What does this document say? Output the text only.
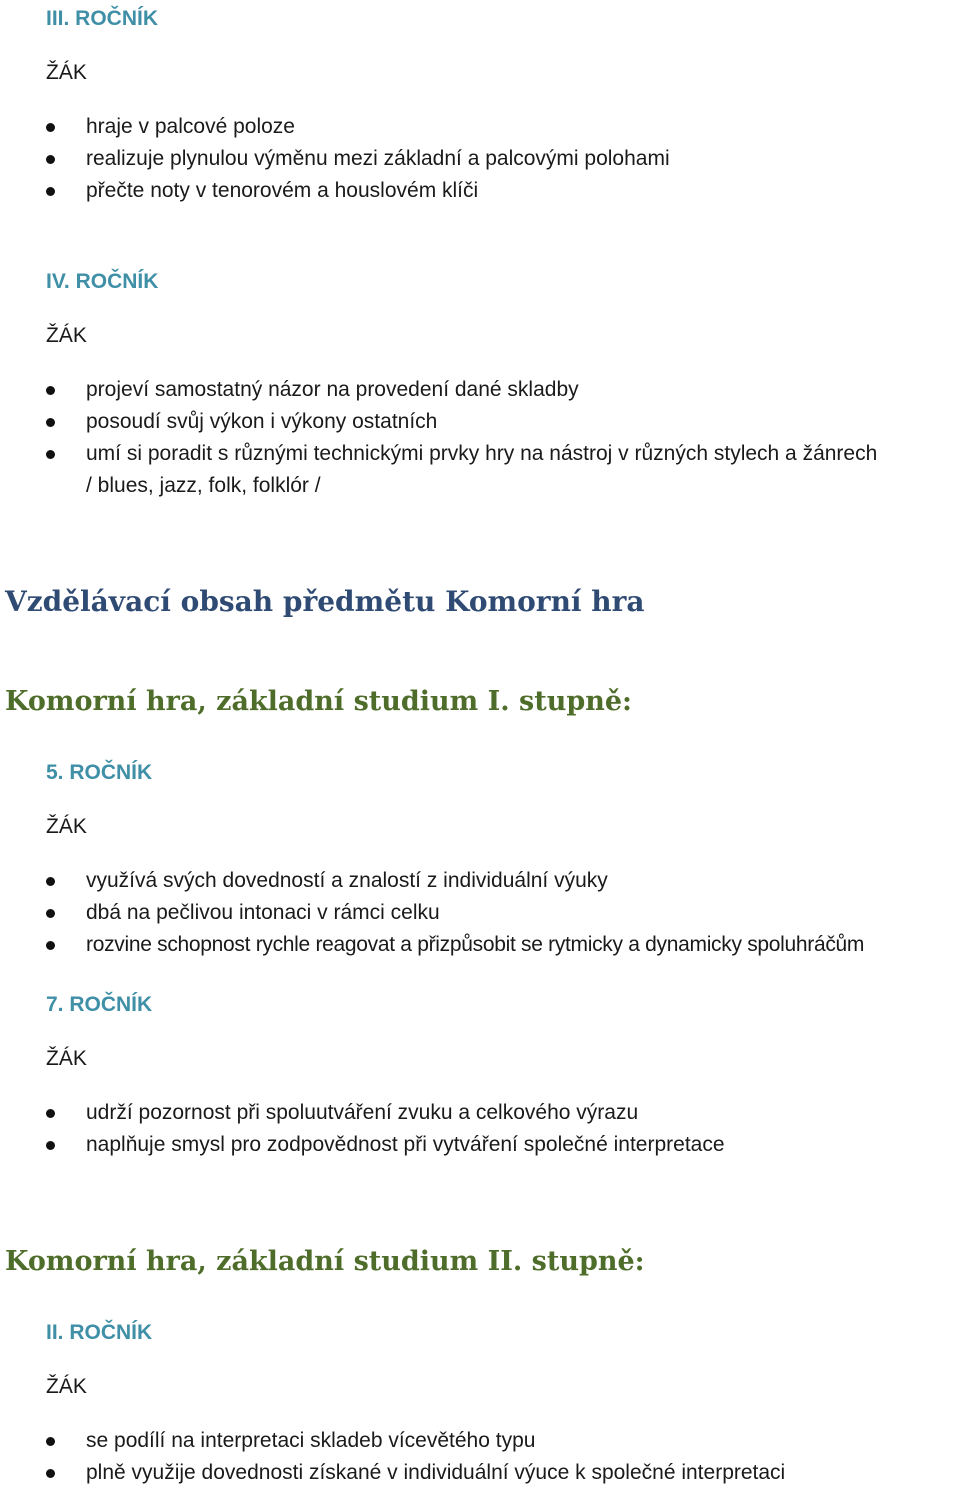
III. ROČNÍK
ŽÁK
hraje v palcové poloze
realizuje plynulou výměnu mezi základní a palcovými polohami
přečte noty v tenorovém a houslovém klíči
IV. ROČNÍK
ŽÁK
projeví samostatný názor na provedení dané skladby
posoudí svůj výkon i výkony ostatních
umí si poradit s různými technickými prvky hry na nástroj v různých stylech a žánrech
/ blues, jazz, folk, folklór /
Vzdělávací obsah předmětu Komorní hra
Komorní hra, základní studium I. stupně:
5. ROČNÍK
ŽÁK
využívá svých dovedností a znalostí z individuální výuky
dbá na pečlivou intonaci v rámci celku
rozvine schopnost rychle reagovat a přizpůsobit se rytmicky a dynamicky spoluhráčům
7. ROČNÍK
ŽÁK
udrží pozornost při spoluutváření zvuku a celkového výrazu
naplňuje smysl pro zodpovědnost při vytváření společné interpretace
Komorní hra, základní studium II. stupně:
II. ROČNÍK
ŽÁK
se podílí na interpretaci skladeb vícevětého typu
plně využije dovednosti získané v individuální výuce k společné interpretaci
